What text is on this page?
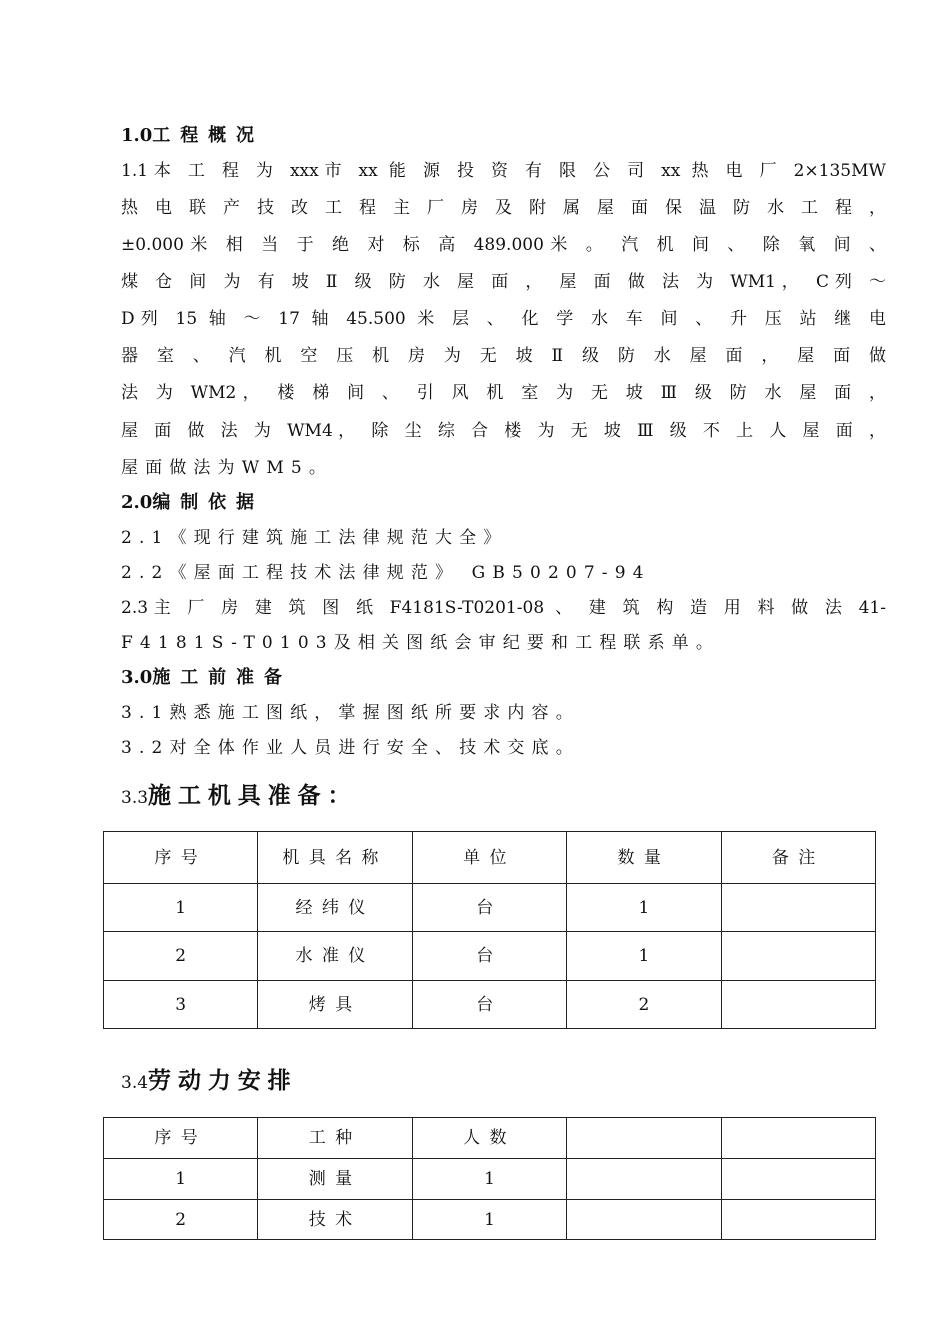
1.0工程概况

1.1本 工 程 为 xxx市 xx 能 源 投 资 有 限 公 司 xx 热 电 厂 2×135MW

热 电 联 产 技 改 工 程 主 厂 房 及 附 属 屋 面 保 温 防 水 工 程 ，

±0.000米 相 当 于 绝 对 标 高 489.000米 。 汽 机 间 、 除 氧 间 、

煤 仓 间 为 有 坡 Ⅱ 级 防 水 屋 面 ， 屋 面 做 法 为 WM1， C列 ～

D列 15 轴 ～ 17 轴 45.500 米 层 、 化 学 水 车 间 、 升 压 站 继 电

器 室 、 汽 机 空 压 机 房 为 无 坡 Ⅱ 级 防 水 屋 面 ， 屋 面 做

法 为 WM2， 楼 梯 间 、 引 风 机 室 为 无 坡 Ⅲ 级 防 水 屋 面 ，

屋 面 做 法 为 WM4， 除 尘 综 合 楼 为 无 坡 Ⅲ 级 不 上 人 屋 面 ，

屋面做法为WM5。

2.0编制依据

2.1《现行建筑施工法律规范大全》

2.2《屋面工程技术法律规范》 GB50207-94

2.3主 厂 房 建 筑 图 纸 F4181S-T0201-08 、 建 筑 构 造 用 料 做 法 41-

F4181S-T0103及相关图纸会审纪要和工程联系单。

3.0施工前准备

3.1熟悉施工图纸，掌握图纸所要求内容。

3.2对全体作业人员进行安全、技术交底。

3.3施工机具准备：

序号	机具名称	单位	数量	备注
1	经纬仪	台	1	
2	水准仪	台	1	
3	烤具	台	2	

3.4劳动力安排

序号	工种	人数		
1	测量	1		
2	技术	1		
